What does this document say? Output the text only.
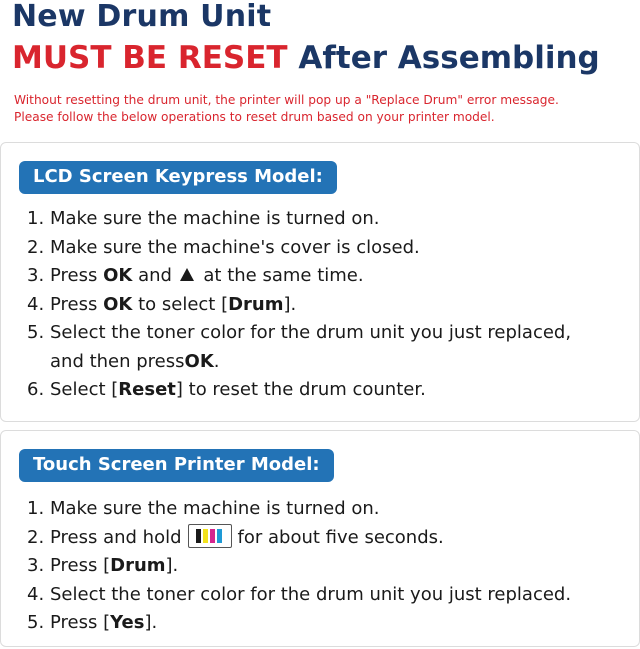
New Drum Unit
MUST BE RESET After Assembling
Without resetting the drum unit, the printer will pop up a "Replace Drum" error message.
Please follow the below operations to reset drum based on your printer model.
LCD Screen Keypress Model:
1. Make sure the machine is turned on.
2. Make sure the machine's cover is closed.
3. Press OK and  at the same time.
4. Press OK to select [Drum].
5. Select the toner color for the drum unit you just replaced,
and then pressOK.
6. Select [Reset] to reset the drum counter.
Touch Screen Printer Model:
1. Make sure the machine is turned on.
2. Press and hold	for about five seconds.
3. Press [Drum].
4. Select the toner color for the drum unit you just replaced.
5. Press [Yes].
